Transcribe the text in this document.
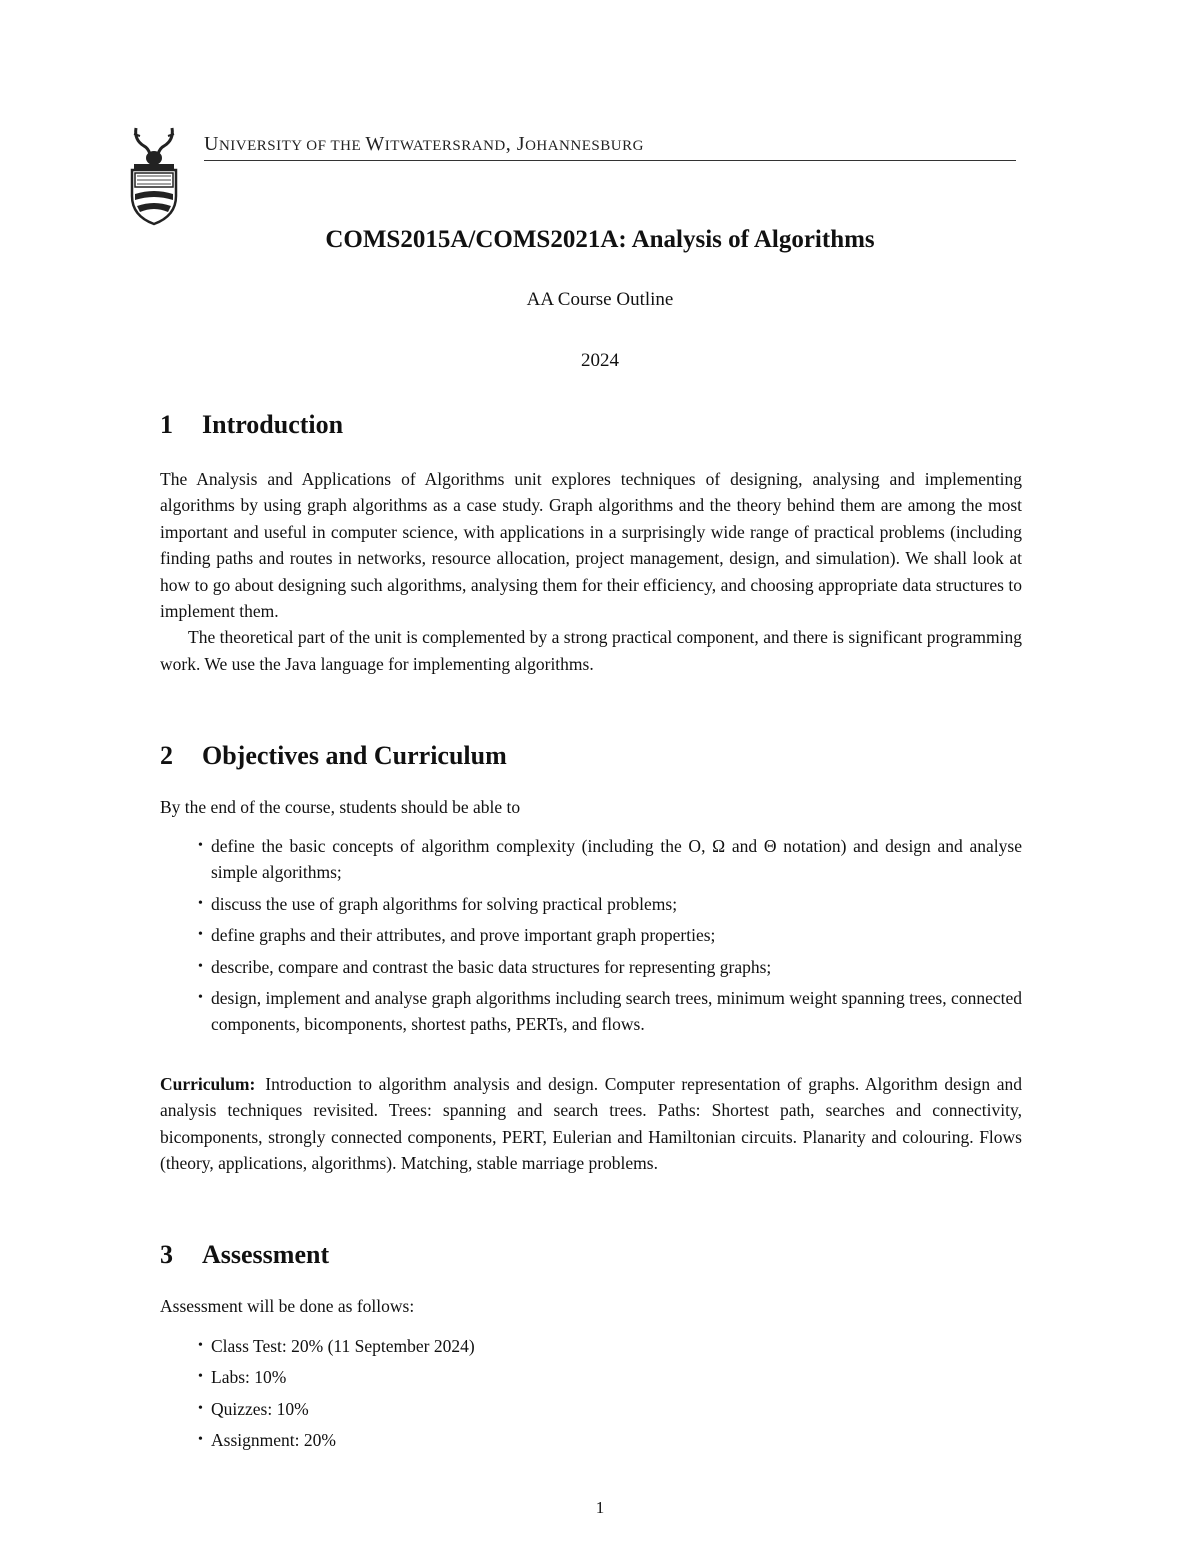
UNIVERSITY OF THE WITWATERSRAND, JOHANNESBURG
COMS2015A/COMS2021A: Analysis of Algorithms
AA Course Outline
2024
1	Introduction

The Analysis and Applications of Algorithms unit explores techniques of designing, analysing and implementing algorithms by using graph algorithms as a case study. Graph algorithms and the theory behind them are among the most important and useful in computer science, with applications in a surprisingly wide range of practical problems (including finding paths and routes in networks, resource allocation, project management, design, and simulation). We shall look at how to go about designing such algorithms, analysing them for their efficiency, and choosing appropriate data structures to implement them.

The theoretical part of the unit is complemented by a strong practical component, and there is significant programming work. We use the Java language for implementing algorithms.

2	Objectives and Curriculum
By the end of the course, students should be able to
• define the basic concepts of algorithm complexity (including the O, Ω and Θ notation) and design and analyse simple algorithms;
• discuss the use of graph algorithms for solving practical problems;
• define graphs and their attributes, and prove important graph properties;
• describe, compare and contrast the basic data structures for representing graphs;
• design, implement and analyse graph algorithms including search trees, minimum weight spanning trees, connected components, bicomponents, shortest paths, PERTs, and flows.

Curriculum: Introduction to algorithm analysis and design. Computer representation of graphs. Algorithm design and analysis techniques revisited. Trees: spanning and search trees. Paths: Shortest path, searches and connectivity, bicomponents, strongly connected components, PERT, Eulerian and Hamiltonian circuits. Planarity and colouring. Flows (theory, applications, algorithms). Matching, stable marriage problems.

3	Assessment
Assessment will be done as follows:
• Class Test: 20% (11 September 2024)
• Labs: 10%
• Quizzes: 10%
• Assignment: 20%
1
